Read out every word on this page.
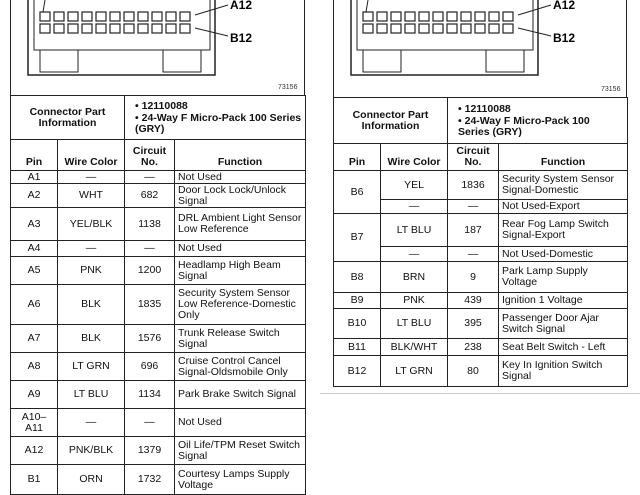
A12
B12
73156
Connector Part Information		• 12110088
• 24-Way F Micro-Pack 100 Series (GRY)	

Pin	Wire Color	Circuit No.	Function
A1	—	—	Not Used
A2	WHT	682	Door Lock Lock/Unlock Signal
A3	YEL/BLK	1138	DRL Ambient Light Sensor Low Reference
A4	—	—	Not Used
A5	PNK	1200	Headlamp High Beam Signal
A6	BLK	1835	Security System Sensor Low Reference-Domestic Only
A7	BLK	1576	Trunk Release Switch Signal
A8	LT GRN	696	Cruise Control Cancel Signal-Oldsmobile Only
A9	LT BLU	1134	Park Brake Switch Signal
A10–A11	—	—	Not Used
A12	PNK/BLK	1379	Oil Life/TPM Reset Switch Signal
B1	ORN	1732	Courtesy Lamps Supply Voltage
A12
B12
73156
Connector Part Information		• 12110088
• 24-Way F Micro-Pack 100 Series (GRY)	

Pin	Wire Color	Circuit No.	Function
B6	YEL	1836	Security System Sensor Signal-Domestic
	—	—	Not Used-Export
B7	LT BLU	187	Rear Fog Lamp Switch Signal-Export
	—	—	Not Used-Domestic
B8	BRN	9	Park Lamp Supply Voltage
B9	PNK	439	Ignition 1 Voltage
B10	LT BLU	395	Passenger Door Ajar Switch Signal
B11	BLK/WHT	238	Seat Belt Switch - Left
B12	LT GRN	80	Key In Ignition Switch Signal
